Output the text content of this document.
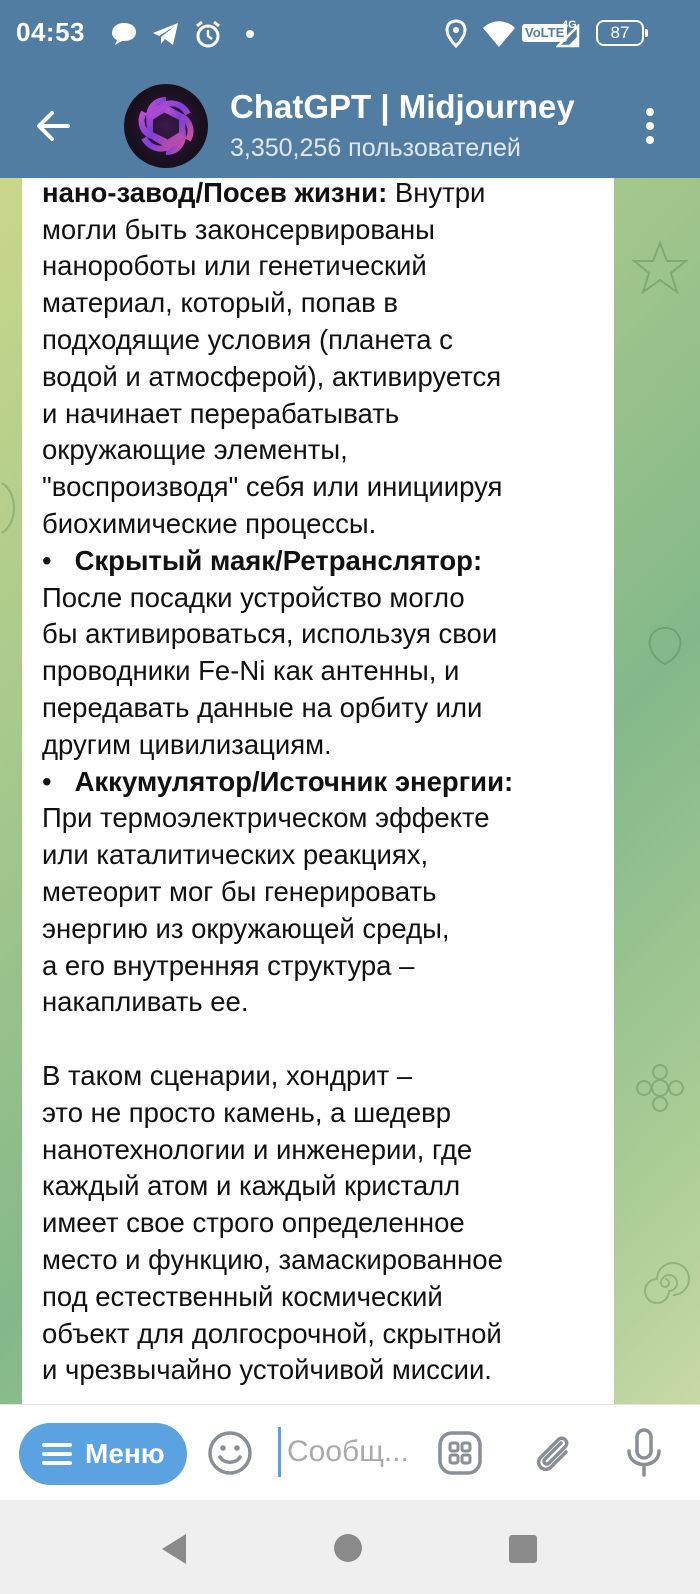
04:53	VoLTE
4G	87
ChatGPT | Midjourney
3,350,256 пользователей
нано-завод/Посев жизни: Внутри
могли быть законсервированы
нанороботы или генетический
материал, который, попав в
подходящие условия (планета с
водой и атмосферой), активируется
и начинает перерабатывать
окружающие элементы,
"воспроизводя" себя или инициируя
биохимические процессы.
•   Скрытый маяк/Ретранслятор:
После посадки устройство могло
бы активироваться, используя свои
проводники Fe-Ni как антенны, и
передавать данные на орбиту или
другим цивилизациям.
•   Аккумулятор/Источник энергии:
При термоэлектрическом эффекте
или каталитических реакциях,
метеорит мог бы генерировать
энергию из окружающей среды,
а его внутренняя структура –
накапливать ее.
В таком сценарии, хондрит –
это не просто камень, а шедевр
нанотехнологии и инженерии, где
каждый атом и каждый кристалл
имеет свое строго определенное
место и функцию, замаскированное
под естественный космический
объект для долгосрочной, скрытной
и чрезвычайно устойчивой миссии.
Меню
Сообщ...
